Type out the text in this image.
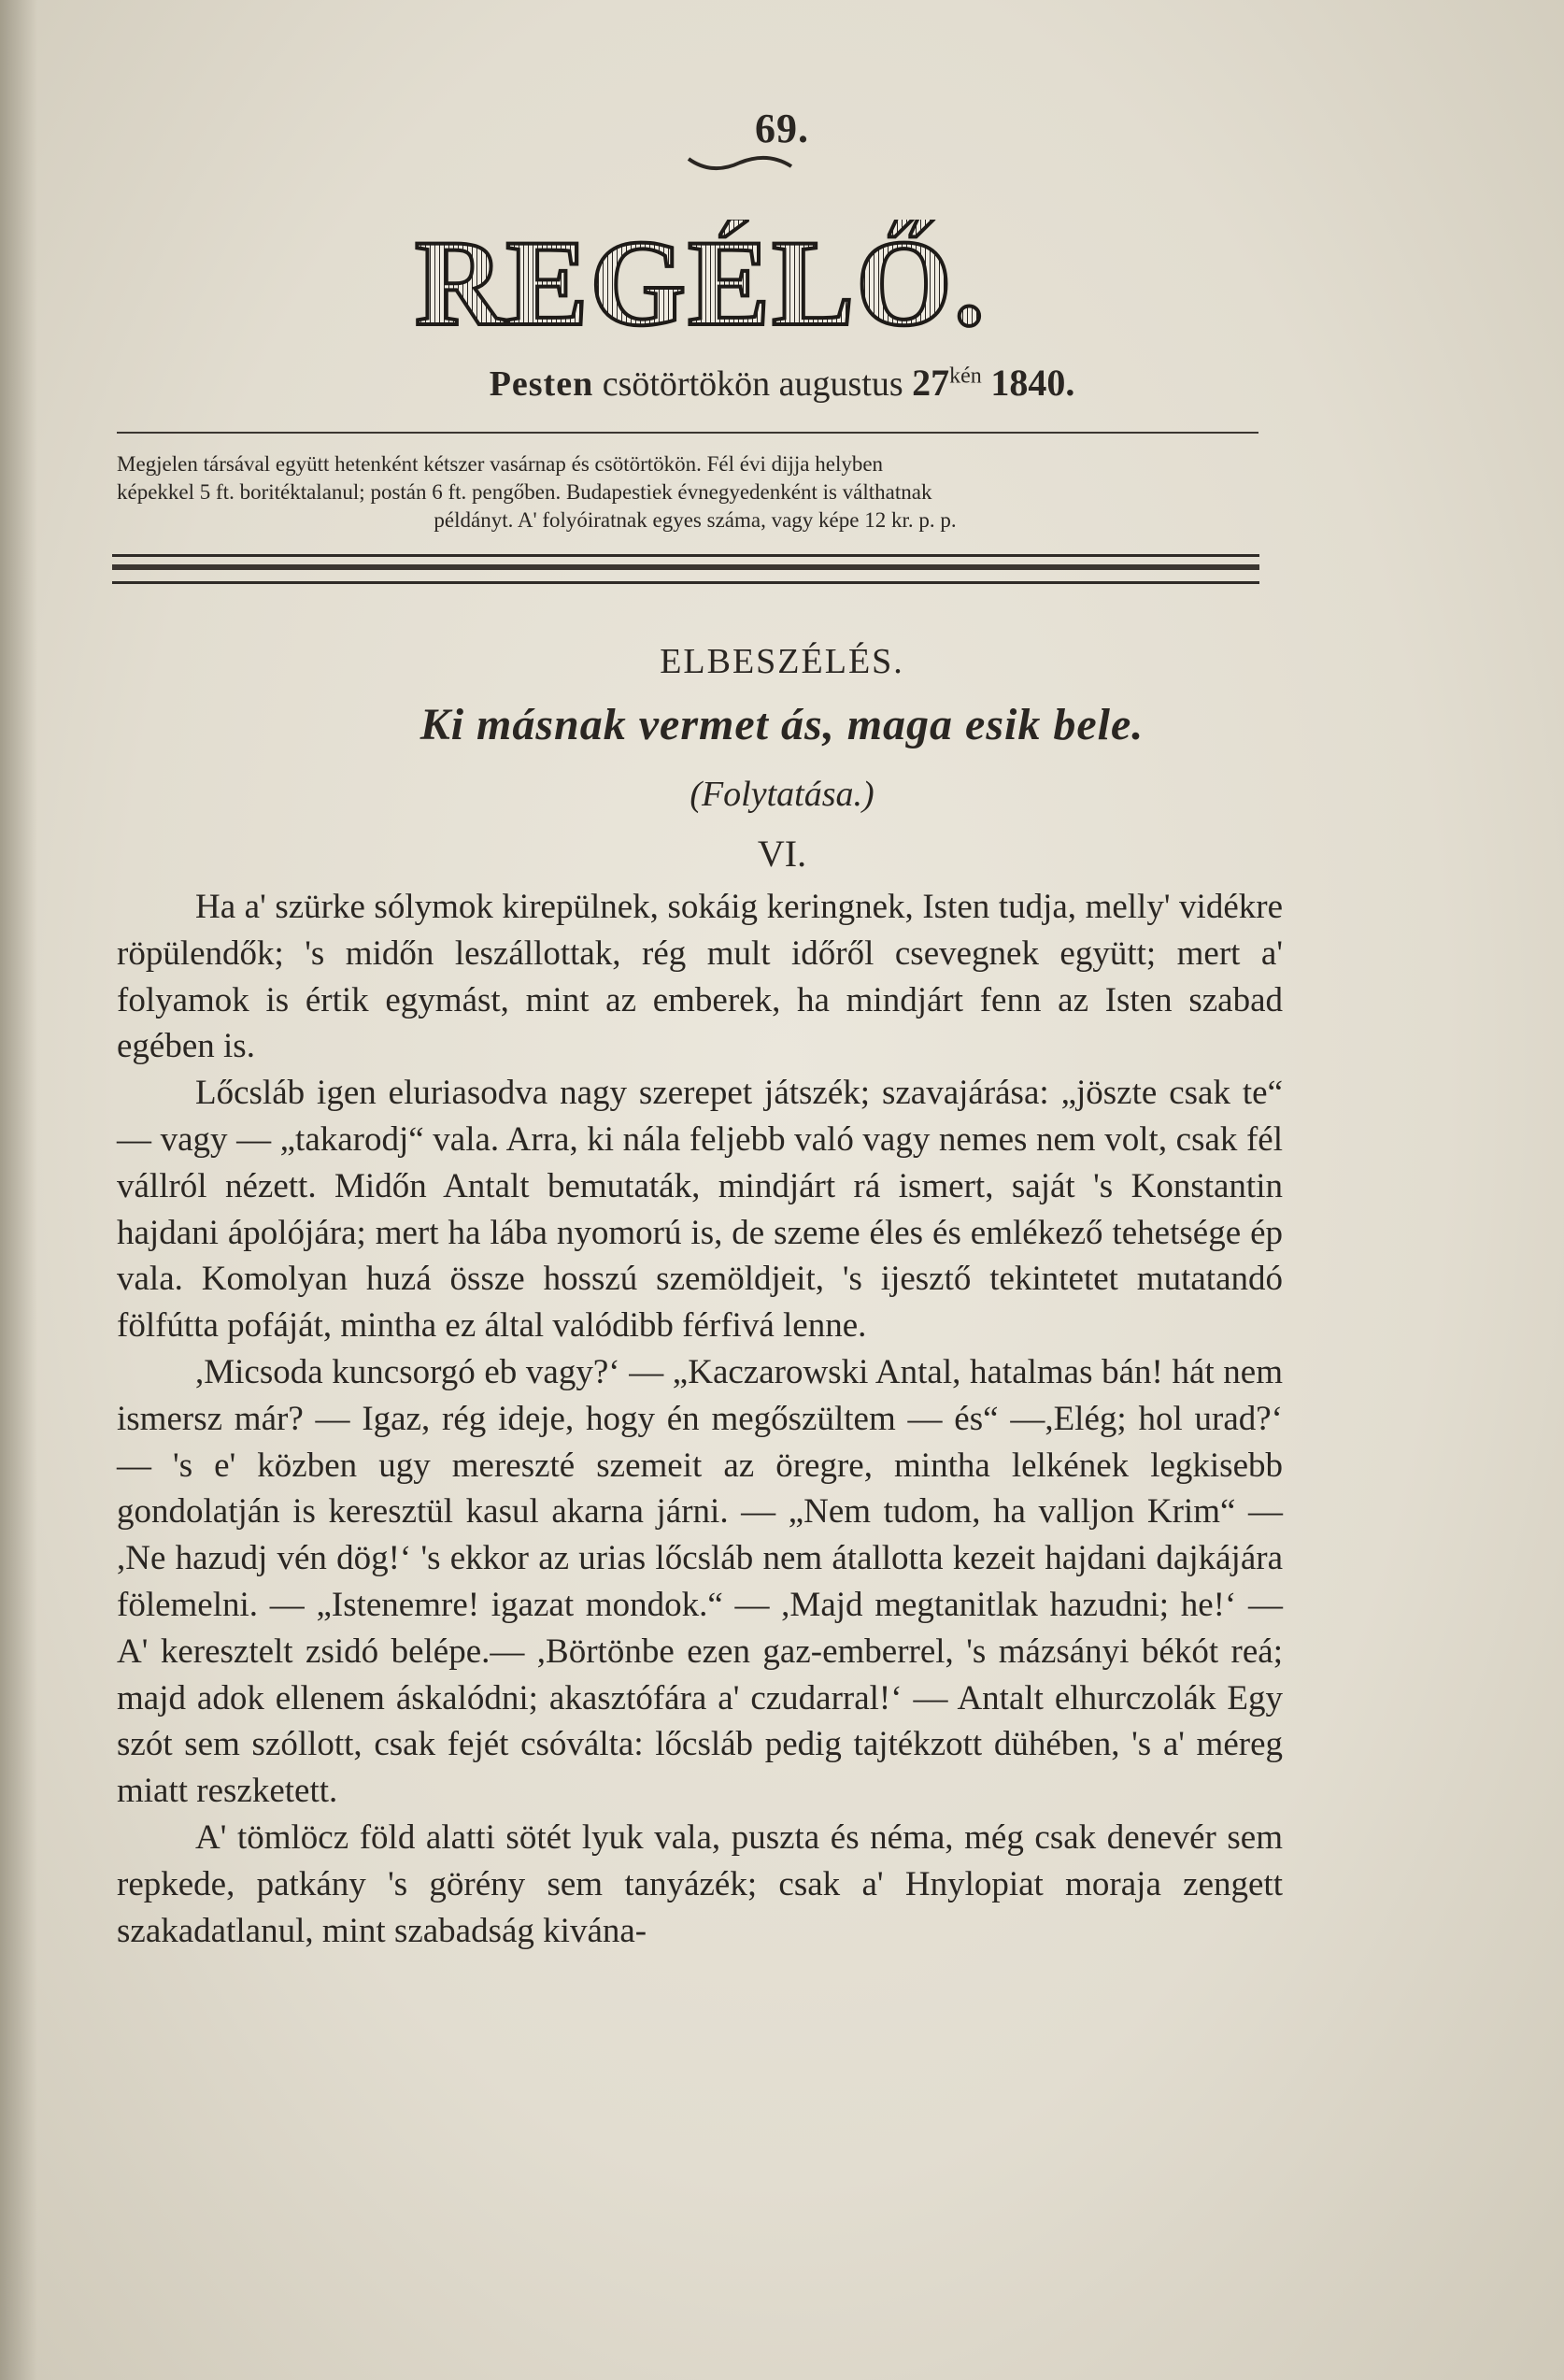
69.
REGÉLŐ.
Pesten csötörtökön augustus $27^{kén}$ 1840.
Megjelen társával együtt hetenként kétszer vasárnap és csötörtökön. Fél évi dijja helyben
képekkel 5 ft. boritéktalanul; postán 6 ft. pengőben. Budapestiek évnegyedenként is válthatnak
példányt. A' folyóiratnak egyes száma, vagy képe 12 kr. p. p.
ELBESZÉLÉS.
Ki másnak vermet ás, maga esik bele.
(Folytatása.)
VI.

Ha a' szürke sólymok kirepülnek, sokáig keringnek, Isten tudja, melly' vidékre röpülendők; 's midőn leszállottak, rég mult időről csevegnek együtt; mert a' folyamok is értik egymást, mint az emberek, ha mindjárt fenn az Isten szabad egében is.

Lőcsláb igen eluriasodva nagy szerepet játszék; szavajárása: „jöszte csak te“ — vagy — „takarodj“ vala. Arra, ki nála feljebb való vagy nemes nem volt, csak fél vállról nézett. Midőn Antalt bemutaták, mindjárt rá ismert, saját 's Konstantin hajdani ápolójára; mert ha lába nyomorú is, de szeme éles és emlékező tehetsége ép vala. Komolyan huzá össze hosszú szemöldjeit, 's ijesztő tekintetet mutatandó fölfútta pofáját, mintha ez által valódibb férfivá lenne.

,Micsoda kuncsorgó eb vagy?‘ — „Kaczarowski Antal, hatalmas bán! hát nem ismersz már? — Igaz, rég ideje, hogy én megőszültem — és“ —,Elég; hol urad?‘ — 's e' közben ugy mereszté szemeit az öregre, mintha lelkének legkisebb gondolatján is keresztül kasul akarna járni. — „Nem tudom, ha valljon Krim“ — ,Ne hazudj vén dög!‘ 's ekkor az urias lőcsláb nem átallotta kezeit hajdani dajkájára fölemelni. — „Istenemre! igazat mondok.“ — ,Majd megtanitlak hazudni; he!‘ — A' keresztelt zsidó belépe.— ,Börtönbe ezen gaz-emberrel, 's mázsányi békót reá; majd adok ellenem áskalódni; akasztófára a' czudarral!‘ — Antalt elhurczolák Egy szót sem szóllott, csak fejét csóválta: lőcsláb pedig tajtékzott dühében, 's a' méreg miatt reszketett.

A' tömlöcz föld alatti sötét lyuk vala, puszta és néma, még csak denevér sem repkede, patkány 's görény sem tanyázék; csak a' Hnylopiat moraja zengett szakadatlanul, mint szabadság kivána-
